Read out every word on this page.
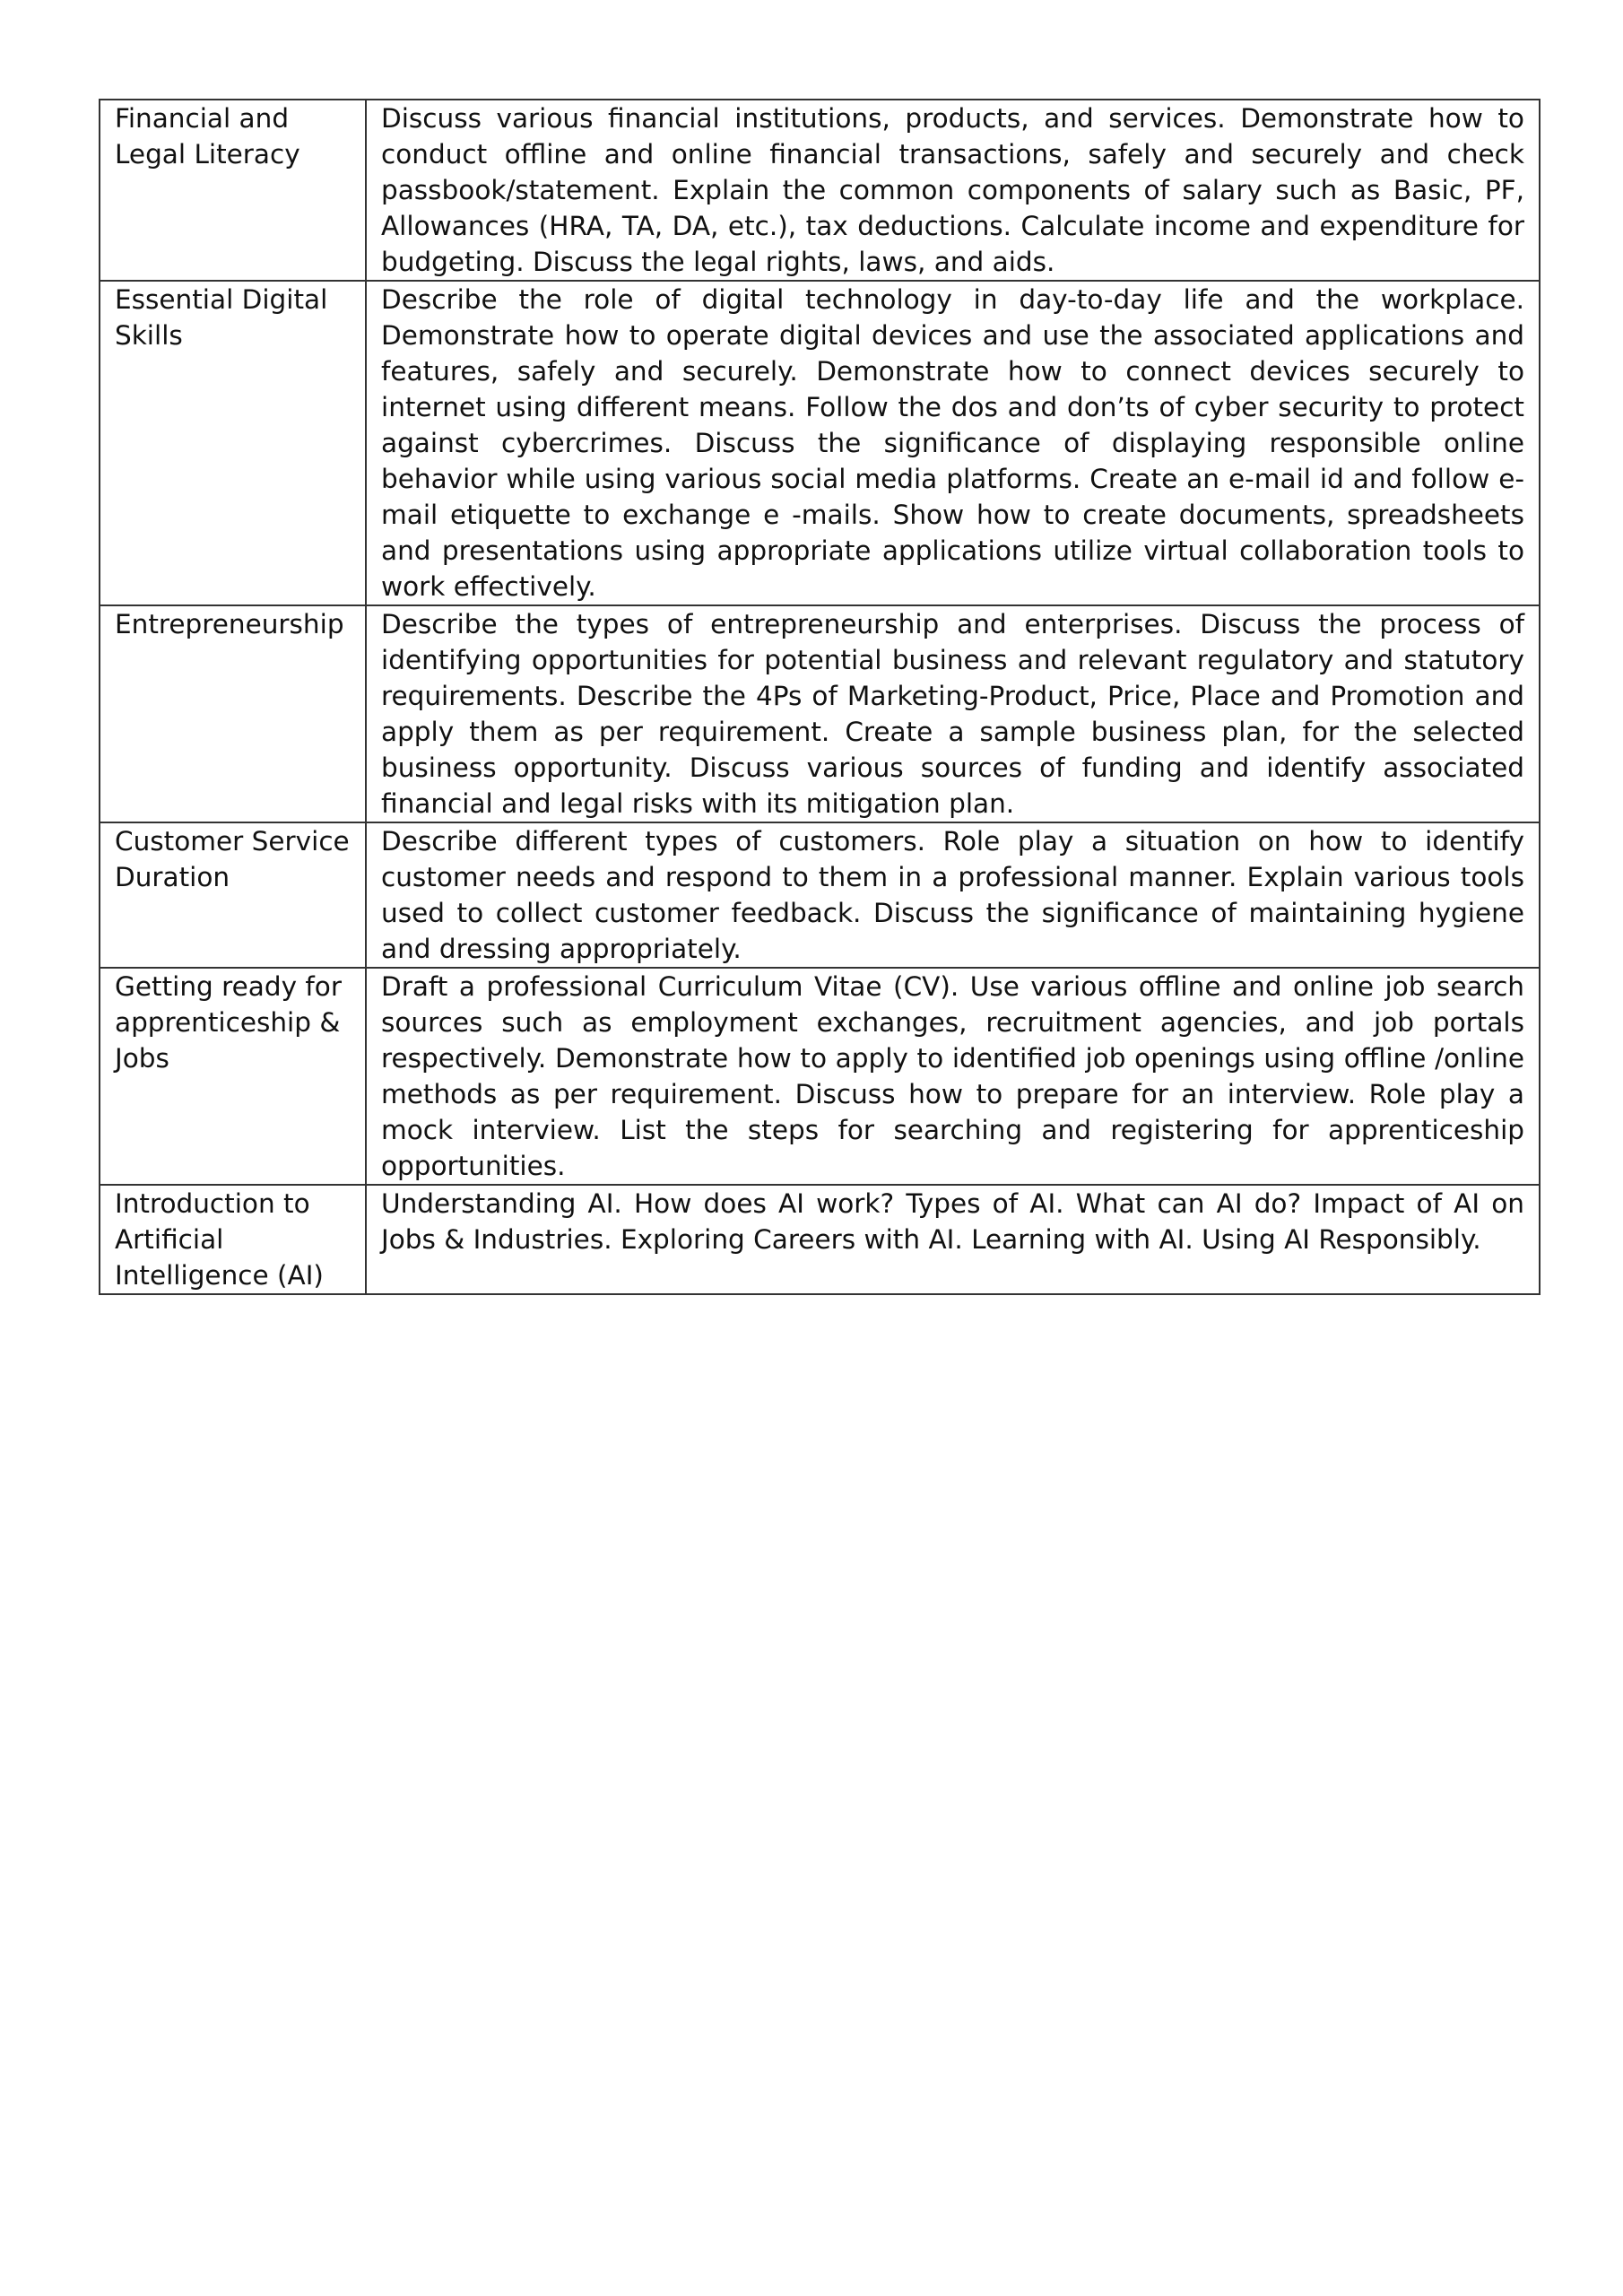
Financial and Legal Literacy	Discuss various financial institutions, products, and services. Demonstrate how to conduct offline and online financial transactions, safely and securely and check passbook/statement. Explain the common components of salary such as Basic, PF, Allowances (HRA, TA, DA, etc.), tax deductions. Calculate income and expenditure for budgeting. Discuss the legal rights, laws, and aids.
Essential Digital Skills	Describe the role of digital technology in day-to-day life and the workplace. Demonstrate how to operate digital devices and use the associated applications and features, safely and securely. Demonstrate how to connect devices securely to internet using different means. Follow the dos and don’ts of cyber security to protect against cybercrimes. Discuss the significance of displaying responsible online behavior while using various social media platforms. Create an e-mail id and follow e- mail etiquette to exchange e -mails. Show how to create documents, spreadsheets and presentations using appropriate applications utilize virtual collaboration tools to work effectively.
Entrepreneurship	Describe the types of entrepreneurship and enterprises. Discuss the process of identifying opportunities for potential business and relevant regulatory and statutory requirements. Describe the 4Ps of Marketing-Product, Price, Place and Promotion and apply them as per requirement. Create a sample business plan, for the selected business opportunity. Discuss various sources of funding and identify associated financial and legal risks with its mitigation plan.
Customer Service Duration	Describe different types of customers. Role play a situation on how to identify customer needs and respond to them in a professional manner. Explain various tools used to collect customer feedback. Discuss the significance of maintaining hygiene and dressing appropriately.
Getting ready for apprenticeship & Jobs	Draft a professional Curriculum Vitae (CV). Use various offline and online job search sources such as employment exchanges, recruitment agencies, and job portals respectively. Demonstrate how to apply to identified job openings using offline /online methods as per requirement. Discuss how to prepare for an interview. Role play a mock interview. List the steps for searching and registering for apprenticeship opportunities.
Introduction to Artificial Intelligence (AI)	Understanding AI. How does AI work? Types of AI. What can AI do? Impact of AI on Jobs & Industries. Exploring Careers with AI. Learning with AI. Using AI Responsibly.
